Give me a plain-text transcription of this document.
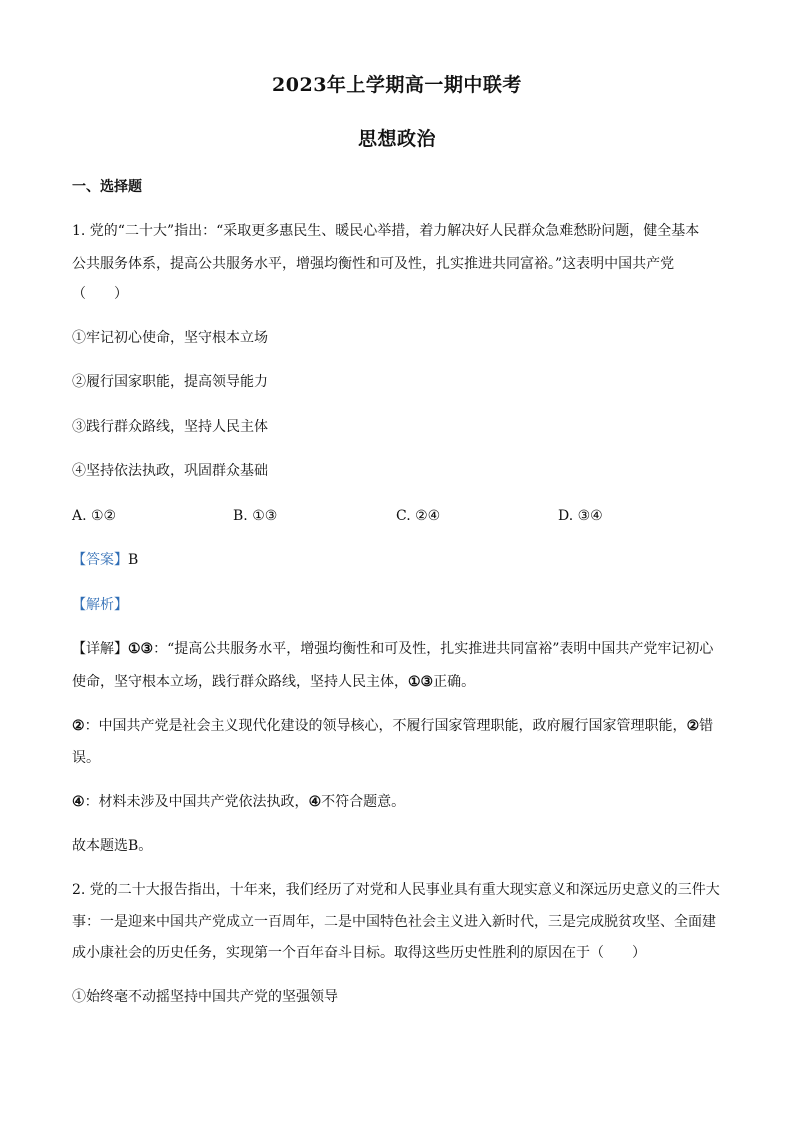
2023年上学期高一期中联考
思想政治
一、选择题
1. 党的“二十大”指出：“采取更多惠民生、暖民心举措，着力解决好人民群众急难愁盼问题，健全基本
公共服务体系，提高公共服务水平，增强均衡性和可及性，扎实推进共同富裕。”这表明中国共产党
（　　）
①牢记初心使命，坚守根本立场
②履行国家职能，提高领导能力
③践行群众路线，坚持人民主体
④坚持依法执政，巩固群众基础
A. ①②	B. ①③	C. ②④	D. ③④
【答案】B
【解析】
【详解】①③：“提高公共服务水平，增强均衡性和可及性，扎实推进共同富裕”表明中国共产党牢记初心
使命，坚守根本立场，践行群众路线，坚持人民主体，①③正确。
②：中国共产党是社会主义现代化建设的领导核心，不履行国家管理职能，政府履行国家管理职能，②错
误。
④：材料未涉及中国共产党依法执政，④不符合题意。
故本题选B。
2. 党的二十大报告指出，十年来，我们经历了对党和人民事业具有重大现实意义和深远历史意义的三件大
事：一是迎来中国共产党成立一百周年，二是中国特色社会主义进入新时代，三是完成脱贫攻坚、全面建
成小康社会的历史任务，实现第一个百年奋斗目标。取得这些历史性胜利的原因在于（　　）
①始终毫不动摇坚持中国共产党的坚强领导
